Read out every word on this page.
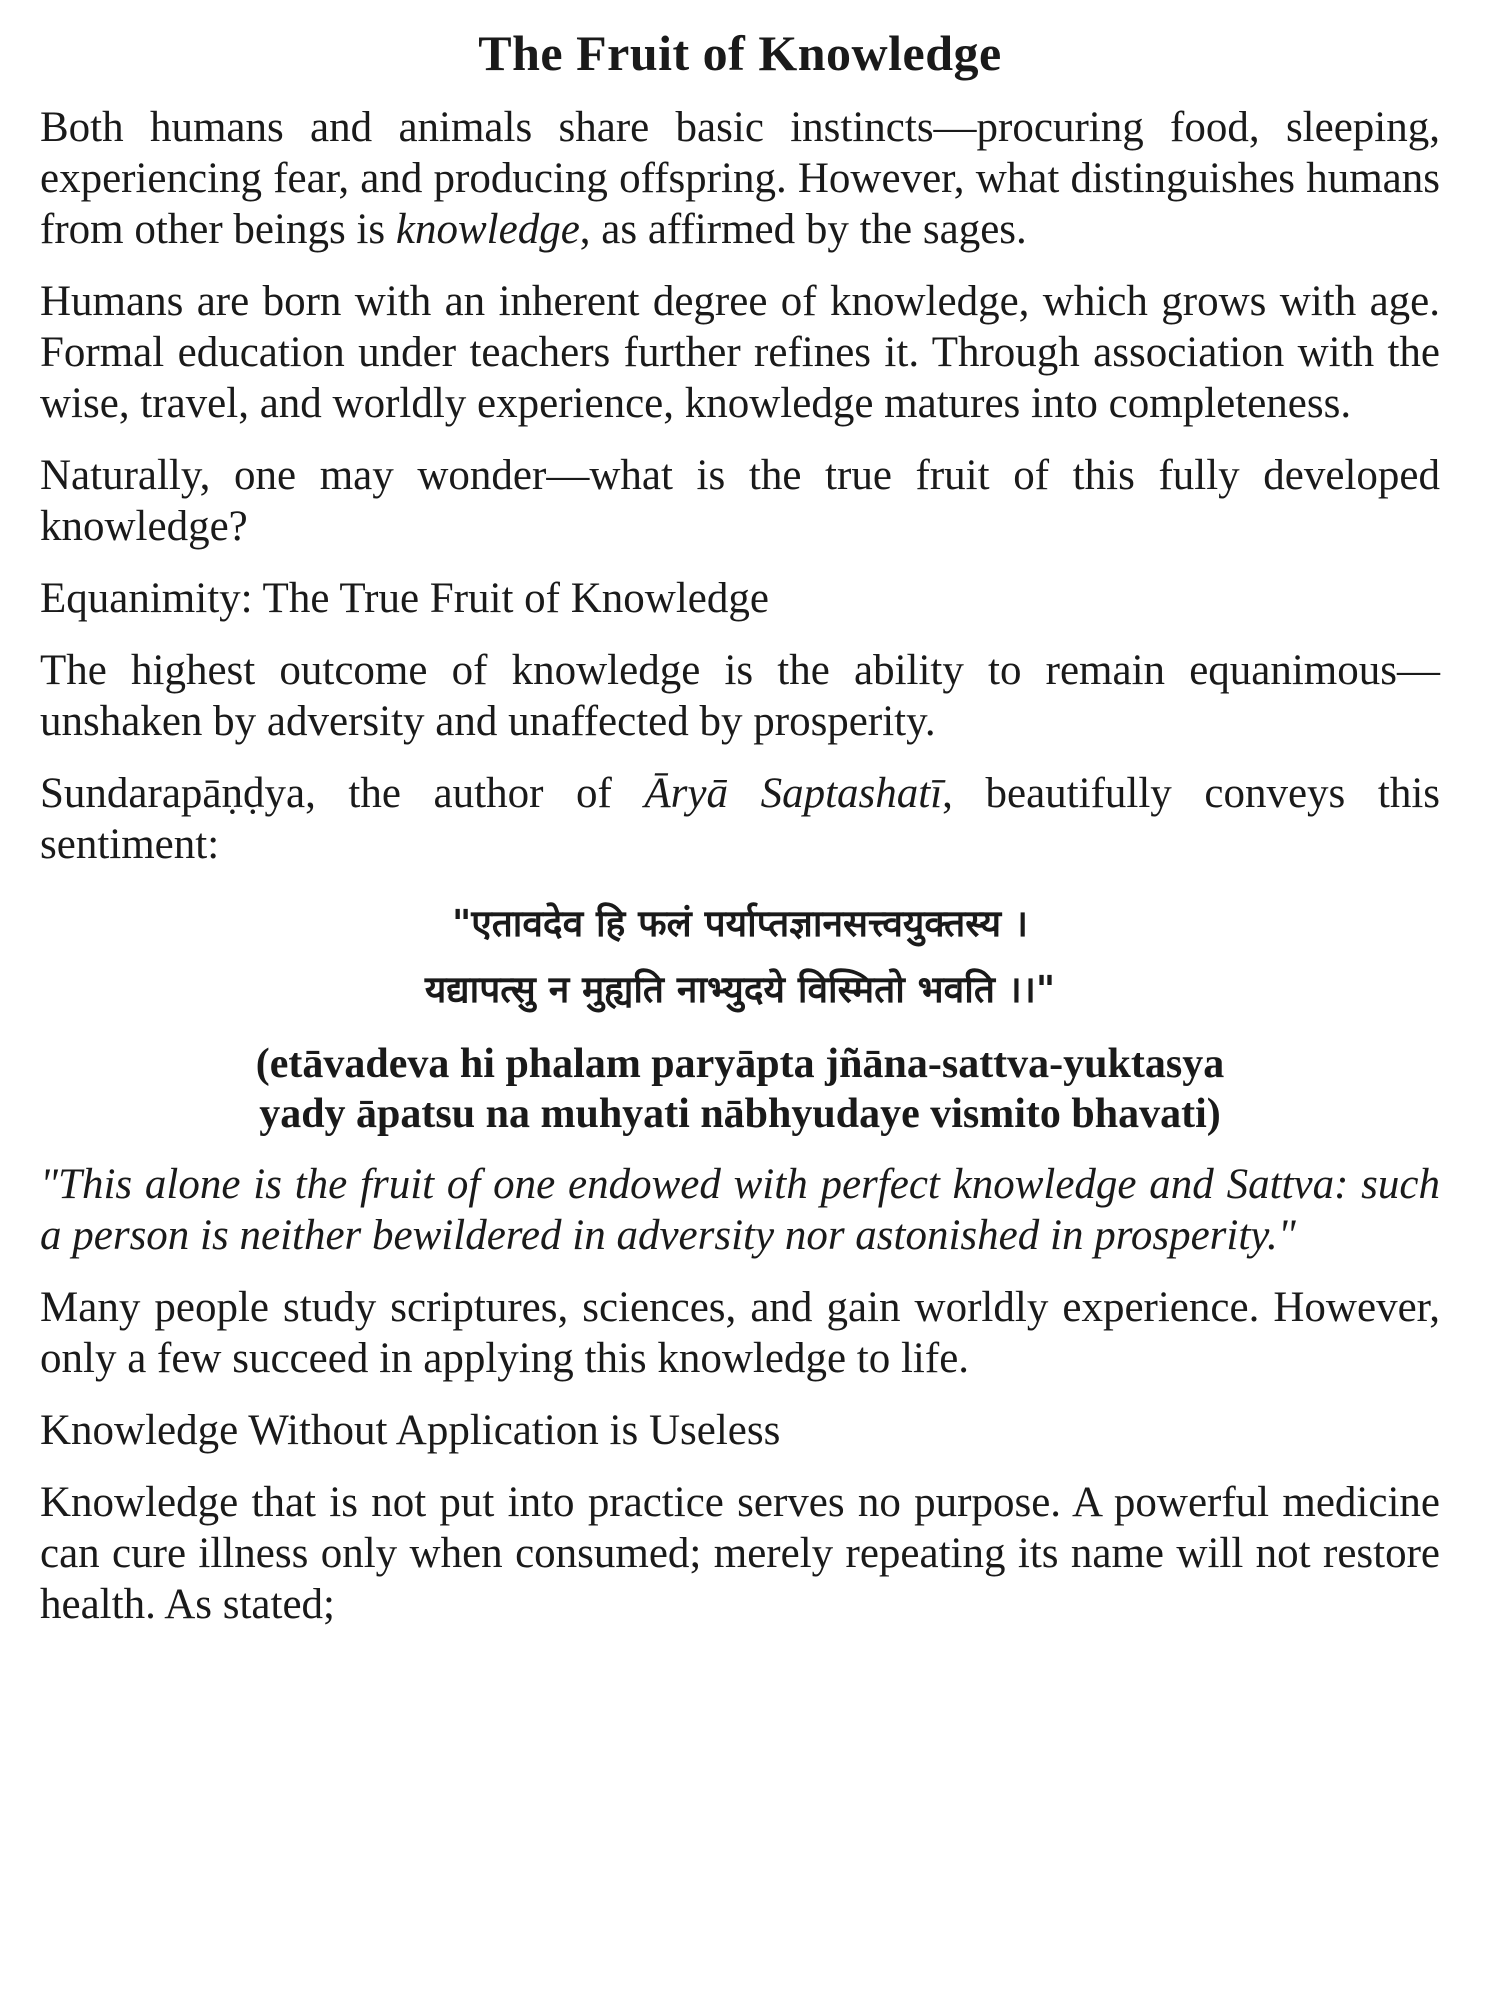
The Fruit of Knowledge

Both humans and animals share basic instincts—procuring food, sleeping, experiencing fear, and producing offspring. However, what distinguishes humans from other beings is knowledge, as affirmed by the sages.

Humans are born with an inherent degree of knowledge, which grows with age. Formal education under teachers further refines it. Through association with the wise, travel, and worldly experience, knowledge matures into completeness.

Naturally, one may wonder—what is the true fruit of this fully developed knowledge?

Equanimity: The True Fruit of Knowledge

The highest outcome of knowledge is the ability to remain equanimous—unshaken by adversity and unaffected by prosperity.

Sundarapāṇḍya, the author of Āryā Saptashatī, beautifully conveys this sentiment:

"एतावदेव हि फलं पर्याप्तज्ञानसत्त्वयुक्तस्य ।
यद्यापत्सु न मुह्यति नाभ्युदये विस्मितो भवति ।।"
(etāvadeva hi phalam paryāpta jñāna-sattva-yuktasya
yady āpatsu na muhyati nābhyudaye vismito bhavati)

"This alone is the fruit of one endowed with perfect knowledge and Sattva: such a person is neither bewildered in adversity nor astonished in prosperity."

Many people study scriptures, sciences, and gain worldly experience. However, only a few succeed in applying this knowledge to life.

Knowledge Without Application is Useless

Knowledge that is not put into practice serves no purpose. A powerful medicine can cure illness only when consumed; merely repeating its name will not restore health. As stated;
